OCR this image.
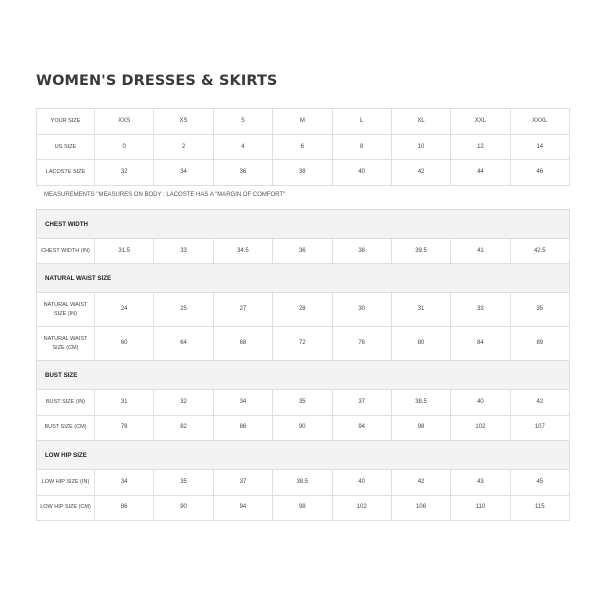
WOMEN'S DRESSES & SKIRTS
YOUR SIZE	XXS	XS	S	M	L	XL	XXL	XXXL
US SIZE	0	2	4	6	8	10	12	14
LACOSTE SIZE	32	34	36	38	40	42	44	46

MEASUREMENTS "MEASURES ON BODY : LACOSTE HAS A "MARGIN OF COMFORT"

CHEST WIDTH								
CHEST WIDTH (IN)	31.5	33	34.5	36	38	39.5	41	42.5
NATURAL WAIST SIZE								
NATURAL WAIST SIZE (IN)	24	25	27	28	30	31	33	35
NATURAL WAIST SIZE (CM)	60	64	68	72	76	80	84	89
BUST SIZE								
BUST SIZE (IN)	31	32	34	35	37	38.5	40	42
BUST SIZE (CM)	78	82	86	90	94	98	102	107
LOW HIP SIZE								
LOW HIP SIZE (IN)	34	35	37	38.5	40	42	43	45
LOW HIP SIZE (CM)	86	90	94	98	102	106	110	115
